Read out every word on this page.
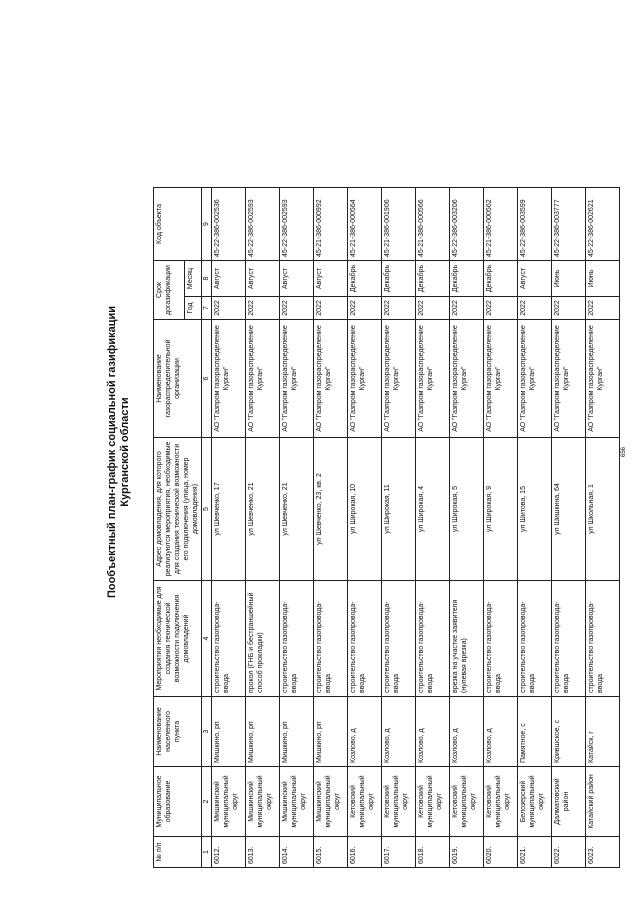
656
Пообъектный план-график социальной газификации Курганской области
№ п/п	Муниципальное образование	Наименование населенного пункта	Мероприятия необходимые для создания технической возможности подключения домовладений	Адрес домовладения, для которого реализуются мероприятия, необходимые для создания технической возможности его подключения (улица, номер домовладения)	Наименование газораспределительной организации	Срок догазификации		Код объекта
						Год	Месяц	
1	2	3	4	5	6	7	8	9
6012.	Мишкинский муниципальный округ	Мишкино, рп	строительство газопровода-ввода	ул Шевченко, 17	АО "Газпром газораспределение Курган"	2022	Август	45-22-386-002536
6013.	Мишкинский муниципальный округ	Мишкино, рп	прокол (ГНБ и бестраншейный способ прокладки)	ул Шевченко, 21	АО "Газпром газораспределение Курган"	2022	Август	45-22-386-002593
6014.	Мишкинский муниципальный округ	Мишкино, рп	строительство газопровода-ввода	ул Шевченко, 21	АО "Газпром газораспределение Курган"	2022	Август	45-22-386-002593
6015.	Мишкинский муниципальный округ	Мишкино, рп	строительство газопровода-ввода	ул Шевченко, 23, кв. 2	АО "Газпром газораспределение Курган"	2022	Август	45-21-386-000992
6016.	Кетовский муниципальный округ	Козлово, д	строительство газопровода-ввода	ул Широкая, 10	АО "Газпром газораспределение Курган"	2022	Декабрь	45-21-386-000564
6017.	Кетовский муниципальный округ	Козлово, д	строительство газопровода-ввода	ул Широкая, 11	АО "Газпром газораспределение Курган"	2022	Декабрь	45-21-386-001906
6018.	Кетовский муниципальный округ	Козлово, д	строительство газопровода-ввода	ул Широкая, 4	АО "Газпром газораспределение Курган"	2022	Декабрь	45-21-386-000566
6019.	Кетовский муниципальный округ	Козлово, д	врезка на участке заявителя (нулевая врезка)	ул Широкая, 5	АО "Газпром газораспределение Курган"	2022	Декабрь	45-22-386-003206
6020.	Кетовский муниципальный округ	Козлово, д	строительство газопровода-ввода	ул Широкая, 9	АО "Газпром газораспределение Курган"	2022	Декабрь	45-21-386-000562
6021.	Белозерский муниципальный округ	Памятное, с	строительство газопровода-ввода	ул Шитова, 15	АО "Газпром газораспределение Курган"	2022	Август	45-22-386-003599
6022.	Далматовский район	Крившское, с	строительство газопровода-ввода	ул Шишкина, 64	АО "Газпром газораспределение Курган"	2022	Июнь	45-22-386-003777
6023.	Катайский район	Катайск, г	строительство газопровода-ввода	ул Школьная, 1	АО "Газпром газораспределение Курган"	2022	Июнь	45-22-386-002621
